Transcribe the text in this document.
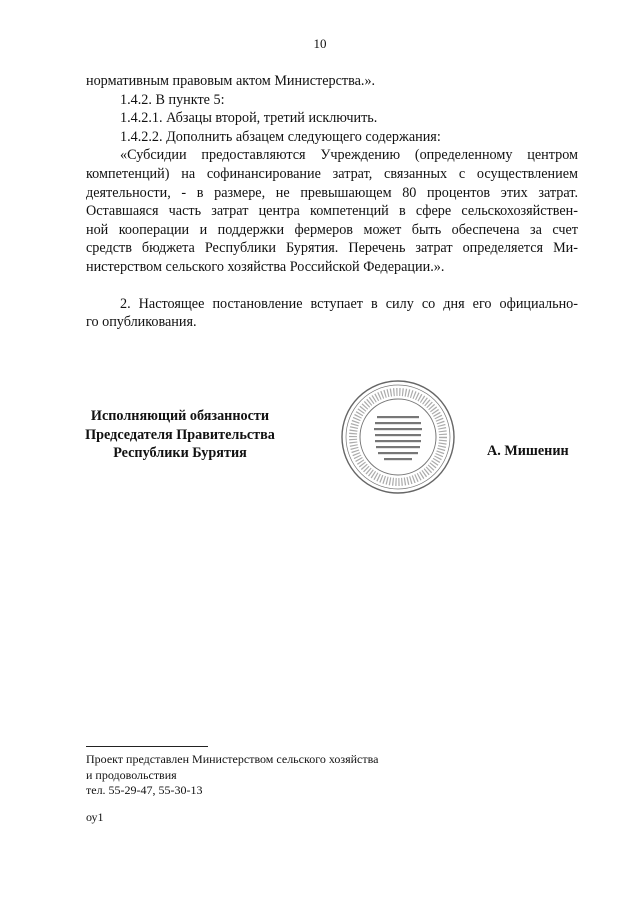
10
нормативным правовым актом Министерства.».
1.4.2. В пункте 5:
1.4.2.1. Абзацы второй, третий исключить.
1.4.2.2. Дополнить абзацем следующего содержания:
«Субсидии предоставляются Учреждению (определенному центром
компетенций) на софинансирование затрат, связанных с осуществлением
деятельности, - в размере, не превышающем 80 процентов этих затрат.
Оставшаяся часть затрат центра компетенций в сфере сельскохозяйствен-
ной кооперации и поддержки фермеров может быть обеспечена за счет
средств бюджета Республики Бурятия. Перечень затрат определяется Ми-
нистерством сельского хозяйства Российской Федерации.».
2. Настоящее постановление вступает в силу со дня его официально-
го опубликования.
Исполняющий обязанности
Председателя Правительства
Республики Бурятия	А. Мишенин
Проект представлен Министерством сельского хозяйства
и продовольствия
тел. 55-29-47, 55-30-13
оу1
